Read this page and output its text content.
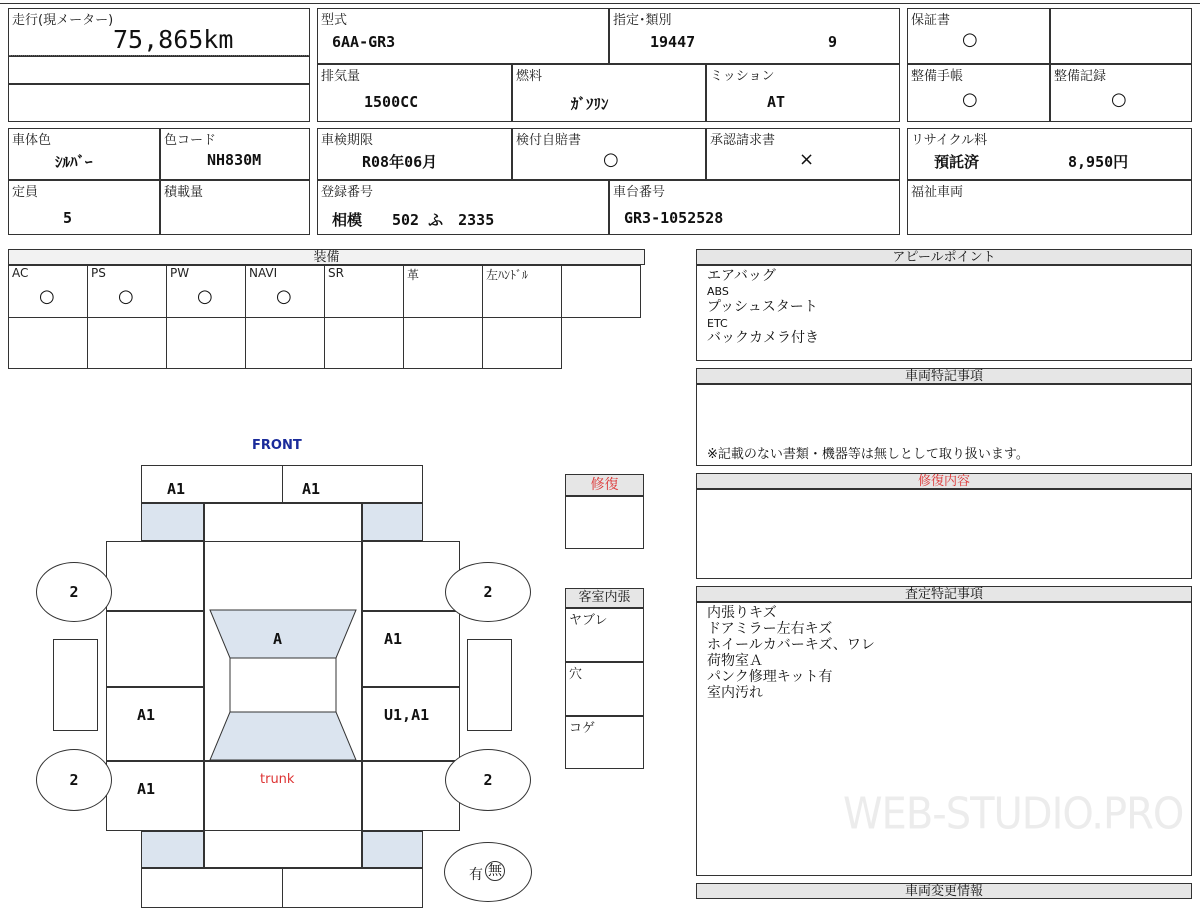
走行(現メーター)
75,865km
型式
6AA-GR3
指定･類別
19447	9
排気量
1500CC
燃料
ｶﾞｿﾘﾝ
ミッション
AT
保証書
○
整備手帳
○
整備記録
○
車体色
ｼﾙﾊﾞｰ
色コード
NH830M
車検期限
R08年06月
検付自賠書
○
承認請求書
×
リサイクル料
預託済	8,950円
定員
5
積載量	登録番号
相模　　502 ふ　2335
車台番号
GR3-1052528
福祉車両
装備
AC
○
PS
○
PW
○
NAVI
○
SR	革	左ﾊﾝﾄﾞﾙ
アピールポイント
エアバッグ
ABS
プッシュスタート
ETC
バックカメラ付き
車両特記事項
※記載のない書類・機器等は無しとして取り扱います。
修復内容
査定特記事項
内張りキズ
ドアミラー左右キズ
ホイールカバーキズ、ワレ
荷物室Ａ
パンク修理キット有
室内汚れ
WEB-STUDIO.PRO
車両変更情報
修復
客室内張
ヤブレ
穴
コゲ
FRONT
A1	A1
A1
A1	U1,A1
A1
trunk
A
2	2
2	2
有 無
